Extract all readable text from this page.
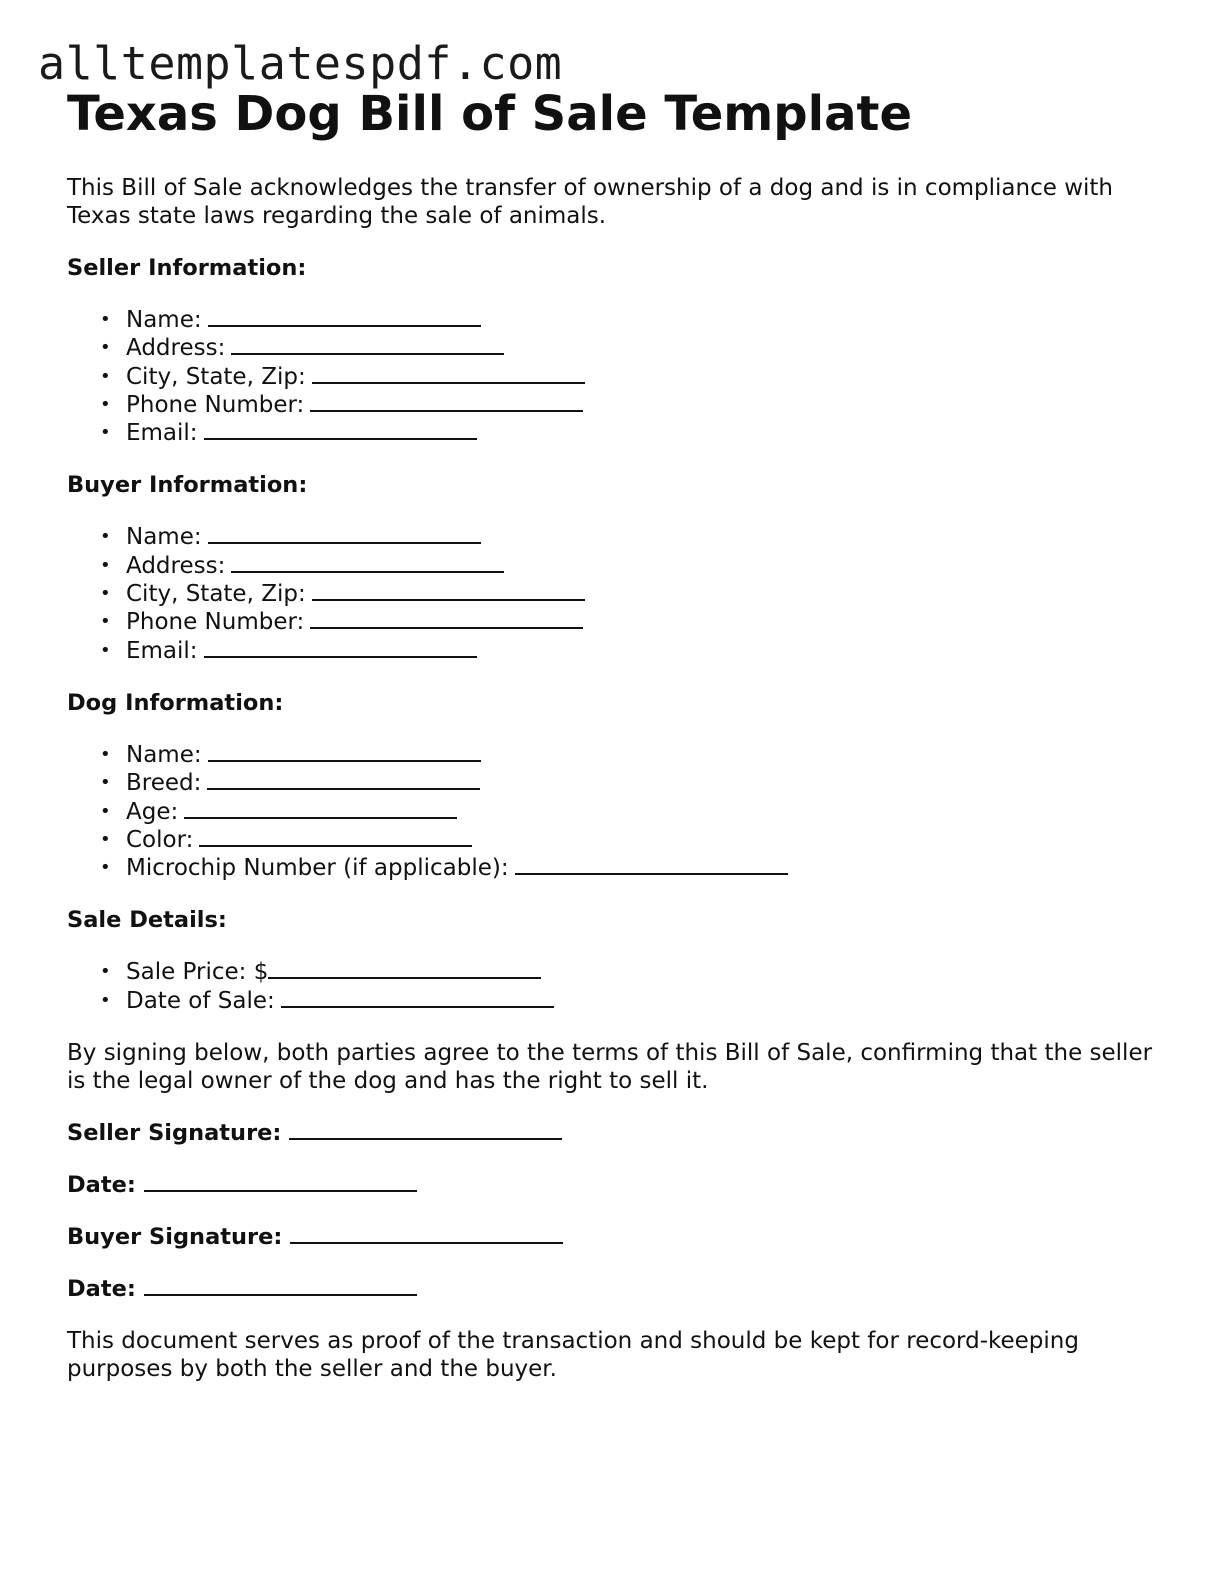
alltemplatespdf.com
Texas Dog Bill of Sale Template

This Bill of Sale acknowledges the transfer of ownership of a dog and is in compliance with Texas state laws regarding the sale of animals.

Seller Information:
• Name:
• Address:
• City, State, Zip:
• Phone Number:
• Email:
Buyer Information:
• Name:
• Address:
• City, State, Zip:
• Phone Number:
• Email:
Dog Information:
• Name:
• Breed:
• Age:
• Color:
• Microchip Number (if applicable):
Sale Details:
• Sale Price: $
• Date of Sale:

By signing below, both parties agree to the terms of this Bill of Sale, confirming that the seller is the legal owner of the dog and has the right to sell it.

Seller Signature:

Date:

Buyer Signature:

Date:

This document serves as proof of the transaction and should be kept for record-keeping purposes by both the seller and the buyer.
